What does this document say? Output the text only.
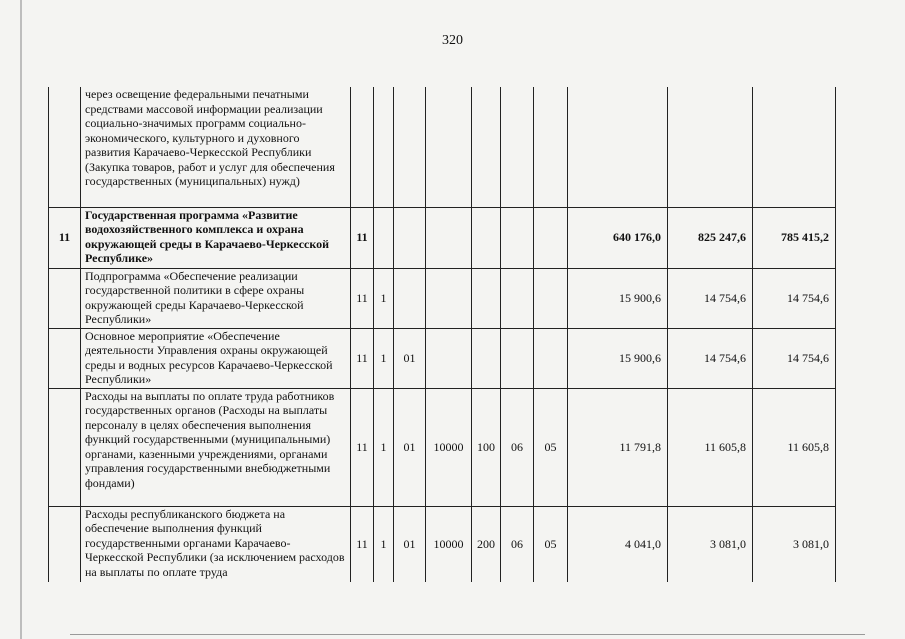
320
	через освещение федеральными печатными средствами массовой информации реализации социально-значимых программ социально-экономического, культурного и духовного развития Карачаево-Черкесской Республики (Закупка товаров, работ и услуг для обеспечения государственных (муниципальных) нужд)										
11	Государственная программа «Развитие водохозяйственного комплекса и охрана окружающей среды в Карачаево-Черкесской Республике»	11							640 176,0	825 247,6	785 415,2
	Подпрограмма «Обеспечение реализации государственной политики в сфере охраны окружающей среды Карачаево-Черкесской Республики»	11	1						15 900,6	14 754,6	14 754,6
	Основное мероприятие «Обеспечение деятельности Управления охраны окружающей среды и водных ресурсов Карачаево-Черкесской Республики»	11	1	01					15 900,6	14 754,6	14 754,6
	Расходы на выплаты по оплате труда работников государственных органов (Расходы на выплаты персоналу в целях обеспечения выполнения функций государственными (муниципальными) органами, казенными учреждениями, органами управления государственными внебюджетными фондами)	11	1	01	10000	100	06	05	11 791,8	11 605,8	11 605,8
	Расходы республиканского бюджета на обеспечение выполнения функций государственными органами Карачаево-Черкесской Республики (за исключением расходов на выплаты по оплате труда	11	1	01	10000	200	06	05	4 041,0	3 081,0	3 081,0
